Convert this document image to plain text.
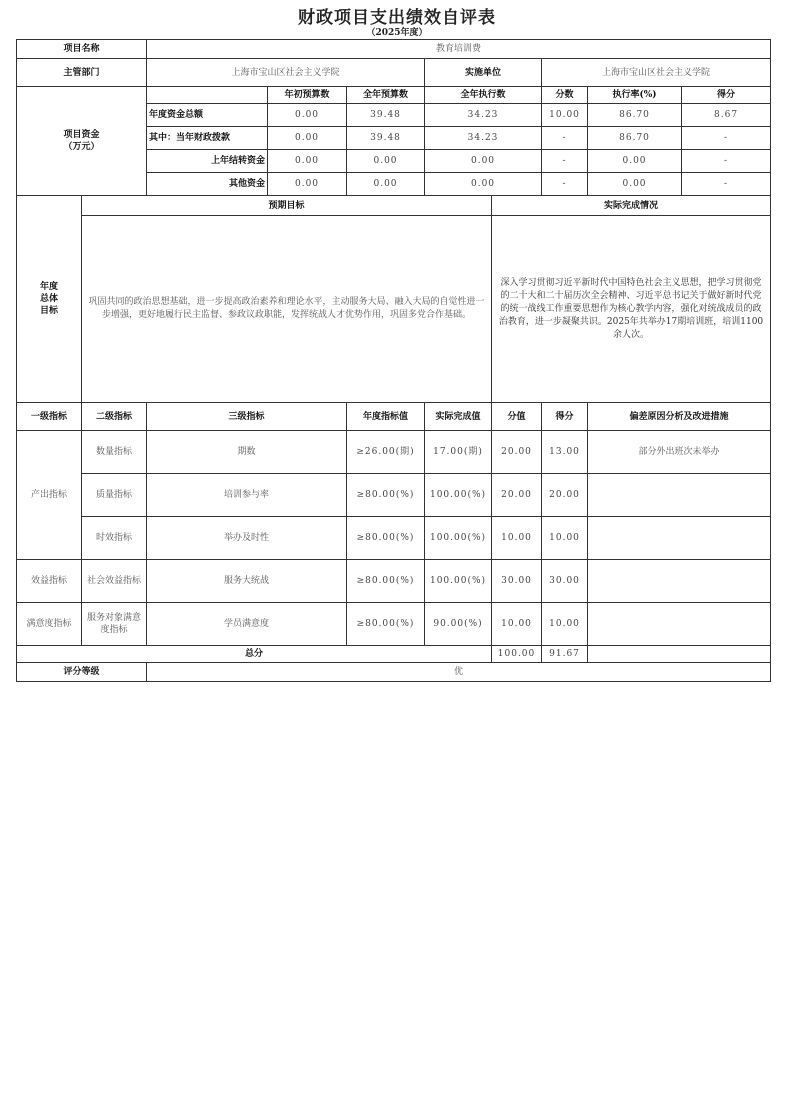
财政项目支出绩效自评表
（2025年度）
项目名称		教育培训费							
主管部门		上海市宝山区社会主义学院			实施单位		上海市宝山区社会主义学院		
项目资金
（万元）			年初预算数	全年预算数	全年执行数		分数	执行率(%)	得分
		年度资金总额	0.00	39.48	34.23		10.00	86.70	8.67
		其中：当年财政拨款	0.00	39.48	34.23		-	86.70	-
		上年结转资金	0.00	0.00	0.00		-	0.00	-
		其他资金	0.00	0.00	0.00		-	0.00	-
年度
总体
目标	预期目标					实际完成情况			
	巩固共同的政治思想基础，进一步提高政治素养和理论水平，主动服务大局、融入大局的自觉性进一步增强，更好地履行民主监督、参政议政职能，发挥统战人才优势作用，巩固多党合作基础。					深入学习贯彻习近平新时代中国特色社会主义思想，把学习贯彻党的二十大和二十届历次全会精神、习近平总书记关于做好新时代党的统一战线工作重要思想作为核心教学内容，强化对统战成员的政治教育，进一步凝聚共识。2025年共举办17期培训班，培训1100余人次。			
一级指标	二级指标	三级指标		年度指标值	实际完成值	分值	得分	偏差原因分析及改进措施	
产出指标	数量指标	期数		≥26.00(期)	17.00(期)	20.00	13.00	部分外出班次未举办	
	质量指标	培训参与率		≥80.00(%)	100.00(%)	20.00	20.00		
	时效指标	举办及时性		≥80.00(%)	100.00(%)	10.00	10.00		
效益指标	社会效益指标	服务大统战		≥80.00(%)	100.00(%)	30.00	30.00		
满意度指标	服务对象满意度指标	学员满意度		≥80.00(%)	90.00(%)	10.00	10.00		
总分						100.00	91.67		
评分等级		优							
